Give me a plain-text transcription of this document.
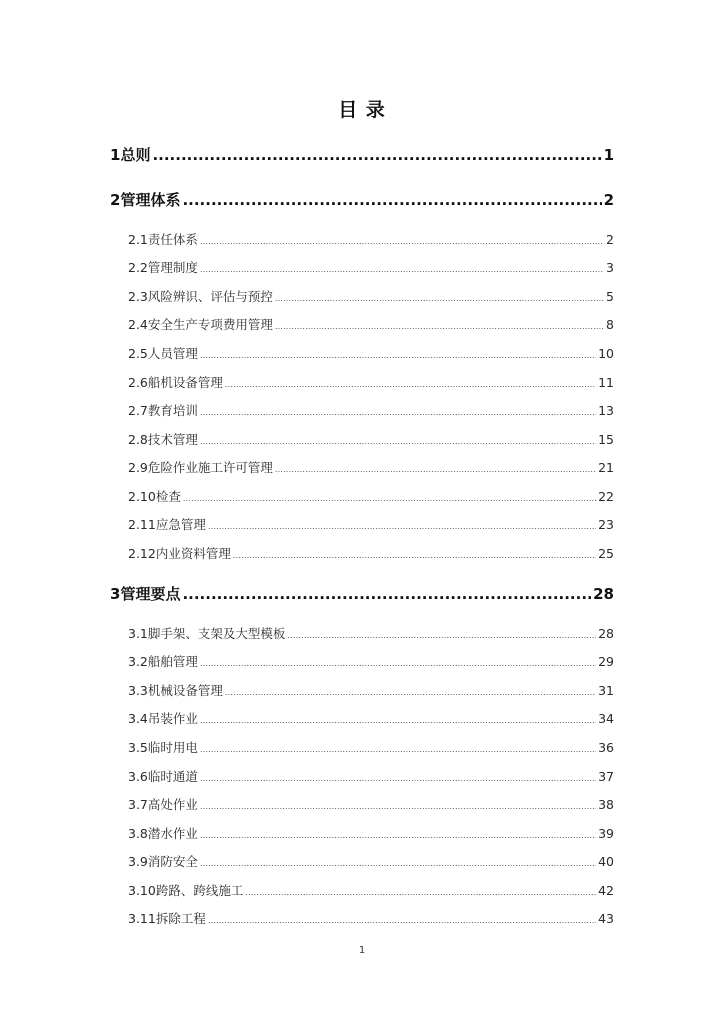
目 录
1 总则 .....	1
2 管理体系 .....	2
2.1 责任体系 .....	2
2.2 管理制度 .....	3
2.3 风险辨识、评估与预控 .....	5
2.4 安全生产专项费用管理 .....	8
2.5 人员管理 .....	10
2.6 船机设备管理 .....	11
2.7 教育培训 .....	13
2.8 技术管理 .....	15
2.9 危险作业施工许可管理 .....	21
2.10 检查 .....	22
2.11 应急管理 .....	23
2.12 内业资料管理 .....	25
3 管理要点 .....	28
3.1 脚手架、支架及大型模板 .....	28
3.2 船舶管理 .....	29
3.3 机械设备管理 .....	31
3.4 吊装作业 .....	34
3.5 临时用电 .....	36
3.6 临时通道 .....	37
3.7 高处作业 .....	38
3.8 潜水作业 .....	39
3.9 消防安全 .....	40
3.10 跨路、跨线施工 .....	42
3.11 拆除工程 .....	43
1
